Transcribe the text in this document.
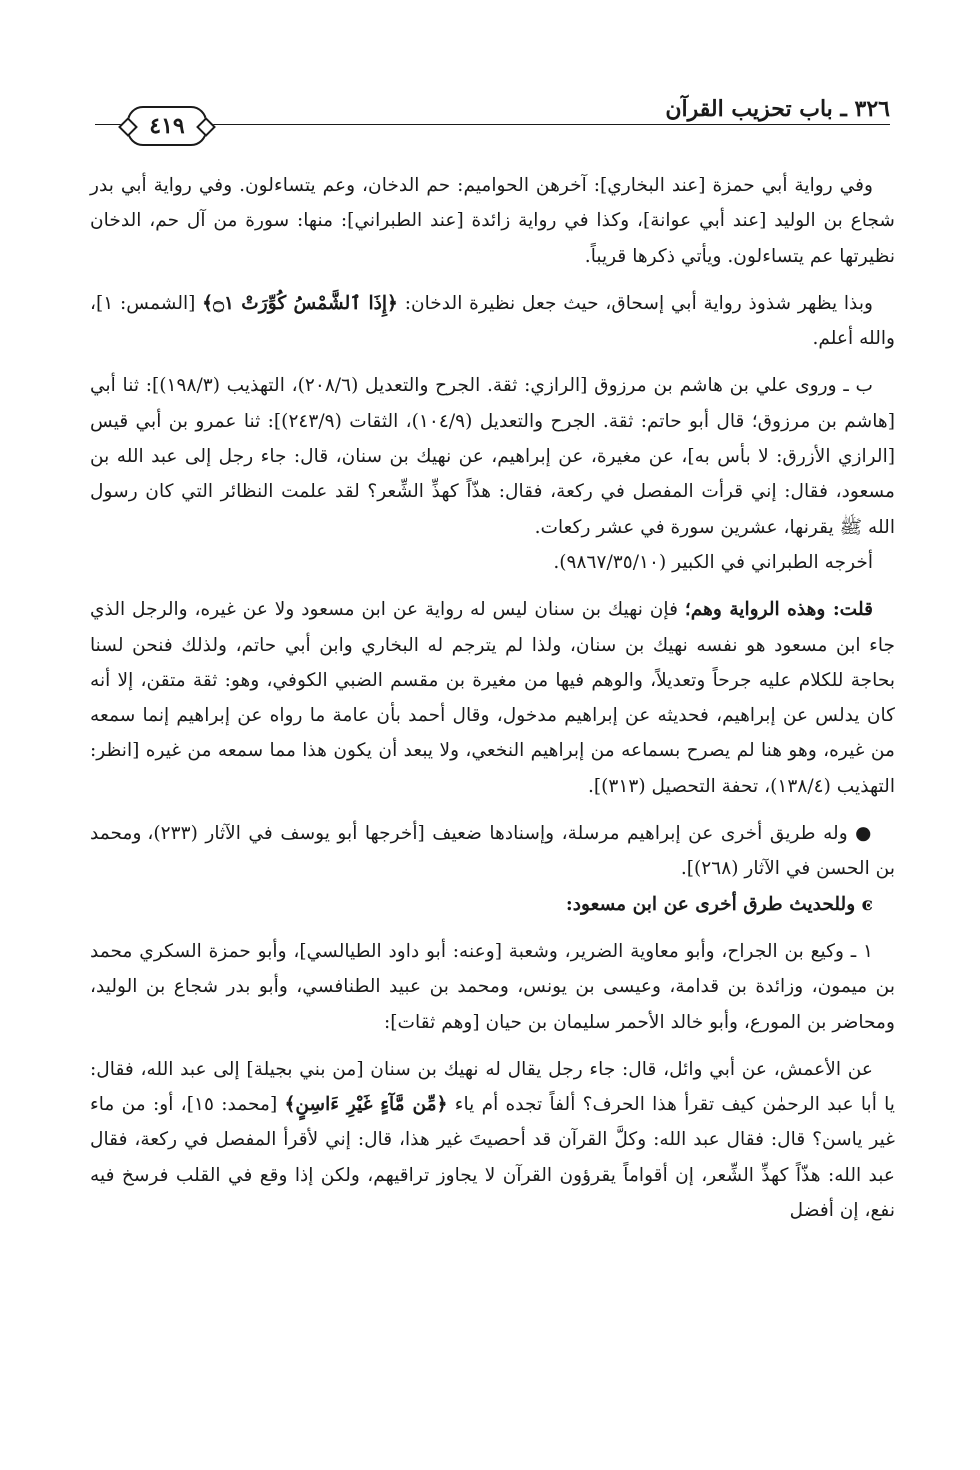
٣٢٦ ـ باب تحزيب القرآن
٤١٩

وفي رواية أبي حمزة [عند البخاري]: آخرهن الحواميم: حم الدخان، وعم يتساءلون. وفي رواية أبي بدر شجاع بن الوليد [عند أبي عوانة]، وكذا في رواية زائدة [عند الطبراني]: منها: سورة من آل حم، الدخان نظيرتها عم يتساءلون. ويأتي ذكرها قريباً.

وبذا يظهر شذوذ رواية أبي إسحاق، حيث جعل نظيرة الدخان: ﴿إِذَا ٱلشَّمْسُ كُوِّرَتْ ۝١﴾ [الشمس: ١]، والله أعلم.

ب ـ وروى علي بن هاشم بن مرزوق [الرازي: ثقة. الجرح والتعديل (٢٠٨/٦)، التهذيب (١٩٨/٣)]: ثنا أبي [هاشم بن مرزوق؛ قال أبو حاتم: ثقة. الجرح والتعديل (١٠٤/٩)، الثقات (٢٤٣/٩)]: ثنا عمرو بن أبي قيس [الرازي الأزرق: لا بأس به]، عن مغيرة، عن إبراهيم، عن نهيك بن سنان، قال: جاء رجل إلى عبد الله بن مسعود، فقال: إني قرأت المفصل في ركعة، فقال: هذّاً كهذِّ الشِّعر؟ لقد علمت النظائر التي كان رسول الله ﷺ يقرنها، عشرين سورة في عشر ركعات.

أخرجه الطبراني في الكبير (٩٨٦٧/٣٥/١٠).

قلت: وهذه الرواية وهم؛ فإن نهيك بن سنان ليس له رواية عن ابن مسعود ولا عن غيره، والرجل الذي جاء ابن مسعود هو نفسه نهيك بن سنان، ولذا لم يترجم له البخاري وابن أبي حاتم، ولذلك فنحن لسنا بحاجة للكلام عليه جرحاً وتعديلاً، والوهم فيها من مغيرة بن مقسم الضبي الكوفي، وهو: ثقة متقن، إلا أنه كان يدلس عن إبراهيم، فحديثه عن إبراهيم مدخول، وقال أحمد بأن عامة ما رواه عن إبراهيم إنما سمعه من غيره، وهو هنا لم يصرح بسماعه من إبراهيم النخعي، ولا يبعد أن يكون هذا مما سمعه من غيره [انظر: التهذيب (١٣٨/٤)، تحفة التحصيل (٣١٣)].

● وله طريق أخرى عن إبراهيم مرسلة، وإسنادها ضعيف [أخرجها أبو يوسف في الآثار (٢٣٣)، ومحمد بن الحسن في الآثار (٢٦٨)].

ͼ وللحديث طرق أخرى عن ابن مسعود:

١ ـ وكيع بن الجراح، وأبو معاوية الضرير، وشعبة [وعنه: أبو داود الطيالسي]، وأبو حمزة السكري محمد بن ميمون، وزائدة بن قدامة، وعيسى بن يونس، ومحمد بن عبيد الطنافسي، وأبو بدر شجاع بن الوليد، ومحاضر بن المورع، وأبو خالد الأحمر سليمان بن حيان [وهم ثقات]:

عن الأعمش، عن أبي وائل، قال: جاء رجل يقال له نهيك بن سنان [من بني بجيلة] إلى عبد الله، فقال: يا أبا عبد الرحمٰن كيف تقرأ هذا الحرف؟ ألفاً تجده أم ياء ﴿مِّن مَّآءٍ غَيْرِ ءَاسِنٍ﴾ [محمد: ١٥]، أو: من ماء غير ياسن؟ قال: فقال عبد الله: وكلَّ القرآن قد أحصيتَ غير هذا، قال: إني لأقرأ المفصل في ركعة، فقال عبد الله: هذّاً كهذِّ الشِّعر، إن أقواماً يقرؤون القرآن لا يجاوز تراقيهم، ولكن إذا وقع في القلب فرسخ فيه نفع، إن أفضل
